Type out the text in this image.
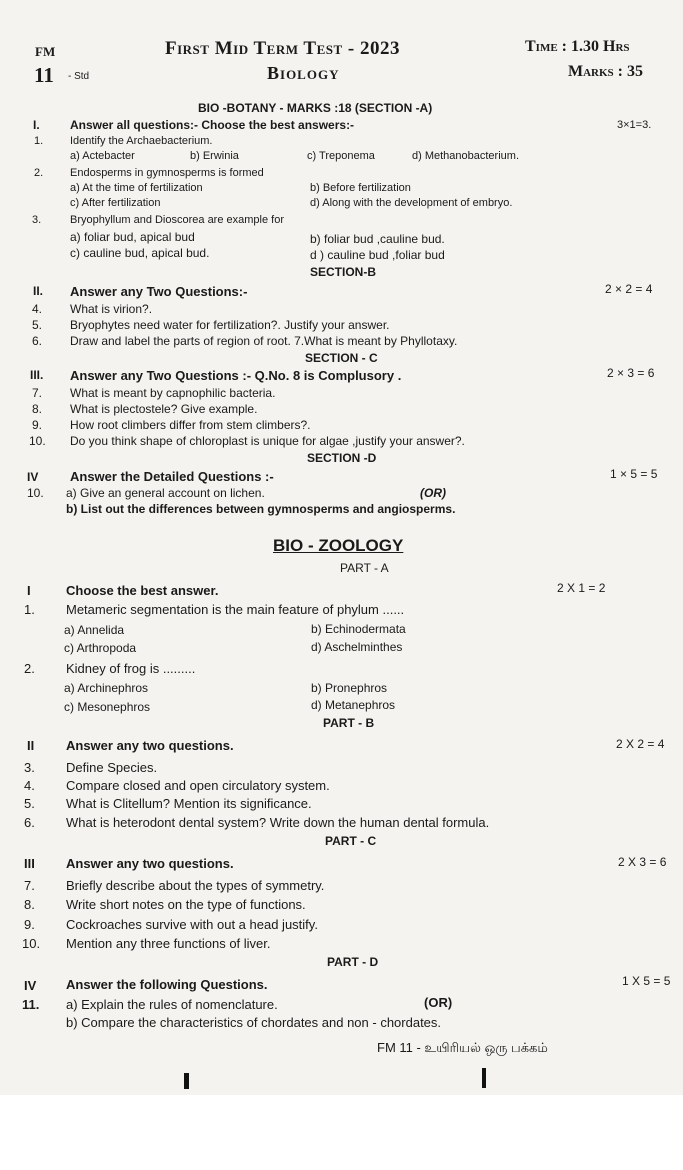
FM	First Mid Term Test - 2023	Time : 1.30 Hrs
11 - Std	Biology	Marks : 35
BIO -BOTANY - MARKS :18 (SECTION -A)
I.	Answer all questions:- Choose the best answers:-	3×1=3.
1. Identify the Archaebacterium.
a) Actebacter	b) Erwinia	c) Treponema	d) Methanobacterium.
2. Endosperms in gymnosperms is formed
a) At the time of fertilization	b) Before fertilization
c) After fertilization	d) Along with the development of embryo.
3.	Bryophyllum and Dioscorea are example for
a) foliar bud, apical bud	b) foliar bud ,cauline bud.
c) cauline bud, apical bud.	d ) cauline bud ,foliar bud
SECTION-B
II. Answer any Two Questions:-	2 × 2 = 4
4. What is virion?.
5. Bryophytes need water for fertilization?. Justify your answer.
6. Draw and label the parts of region of root. 7.What is meant by Phyllotaxy.
SECTION - C
III. Answer any Two Questions :- Q.No. 8 is Complusory .	2 × 3 = 6
7. What is meant by capnophilic bacteria.
8. What is plectostele? Give example.
9. How root climbers differ from stem climbers?.
10. Do you think shape of chloroplast is unique for algae ,justify your answer?.
SECTION -D
IV Answer the Detailed Questions :-	1 × 5 = 5
10. a) Give an general account on lichen.	(OR)
b) List out the differences between gymnosperms and angiosperms.
BIO - ZOOLOGY
PART - A
I	Choose the best answer.	2 X 1 = 2
1. Metameric segmentation is the main feature of phylum ......
a) Annelida	b) Echinodermata
c) Arthropoda	d) Aschelminthes
2. Kidney of frog is .........
a) Archinephros	b) Pronephros
c) Mesonephros	d) Metanephros
PART - B
II Answer any two questions.	2 X 2 = 4
3. Define Species.
4. Compare closed and open circulatory system.
5. What is Clitellum? Mention its significance.
6. What is heterodont dental system? Write down the human dental formula.
PART - C
III Answer any two questions.	2 X 3 = 6
7. Briefly describe about the types of symmetry.
8. Write short notes on the type of functions.
9. Cockroaches survive with out a head justify.
10. Mention any three functions of liver.
PART - D
IV Answer the following Questions.	1 X 5 = 5
11. a) Explain the rules of nomenclature.	(OR)
b) Compare the characteristics of chordates and non - chordates.
FM 11 - உயிரியல் ஒரு பக்கம்
